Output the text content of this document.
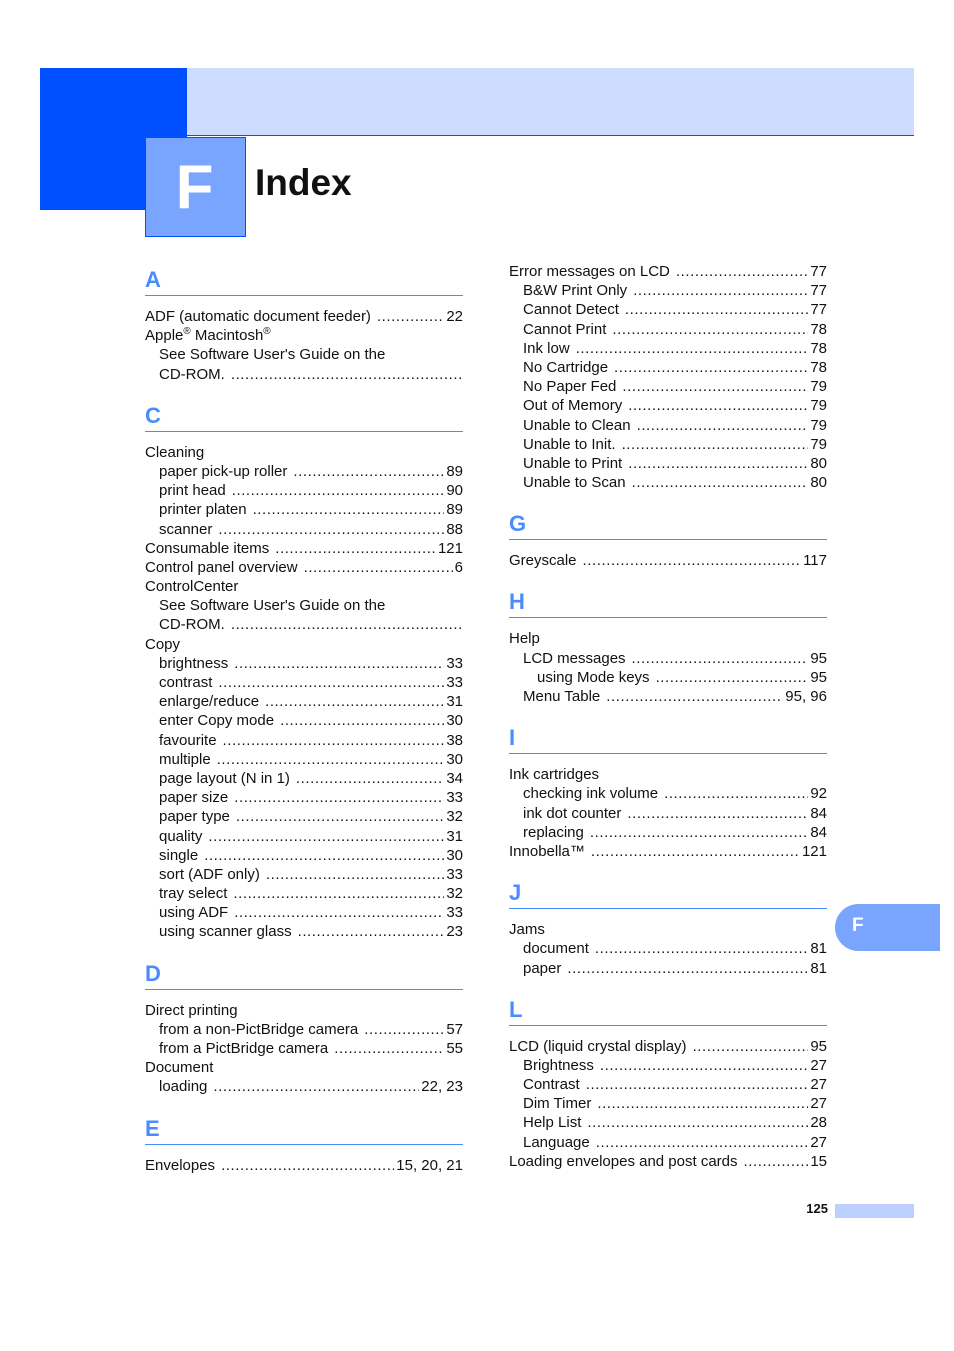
F	Index
A
ADF (automatic document feeder) . . .	22
Apple® Macintosh®
See Software User's Guide on the
CD-ROM.
. . .
C
Cleaning
paper pick-up roller . . .	89
print head . . .	90
printer platen . . .	89
scanner . . .	88
Consumable items . . .	121
Control panel overview . . .	6
ControlCenter
See Software User's Guide on the
CD-ROM.
. . .
Copy
brightness . . .	33
contrast . . .	33
enlarge/reduce . . .	31
enter Copy mode . . .	30
favourite . . .	38
multiple . . .	30
page layout (N in 1) . . .	34
paper size . . .	33
paper type . . .	32
quality . . .	31
single . . .	30
sort (ADF only) . . .	33
tray select . . .	32
using ADF . . .	33
using scanner glass . . .	23
D
Direct printing
from a non-PictBridge camera . . .	57
from a PictBridge camera . . .	55
Document
loading . . .	22, 23
E
Envelopes . . .	15, 20, 21
Error messages on LCD . . .	77
B&W Print Only . . .	77
Cannot Detect . . .	77
Cannot Print . . .	78
Ink low . . .	78
No Cartridge . . .	78
No Paper Fed . . .	79
Out of Memory . . .	79
Unable to Clean . . .	79
Unable to Init. . . .	79
Unable to Print . . .	80
Unable to Scan . . .	80
G
Greyscale . . .	117
H
Help
LCD messages . . .	95
using Mode keys . . .	95
Menu Table . . .	95, 96
I
Ink cartridges
checking ink volume . . .	92
ink dot counter . . .	84
replacing . . .	84
Innobella™ . . .	121
J
Jams
document . . .	81
paper . . .	81
L
LCD (liquid crystal display) . . .	95
Brightness . . .	27
Contrast . . .	27
Dim Timer . . .	27
Help List . . .	28
Language . . .	27
Loading envelopes and post cards . . .	15
F
125
